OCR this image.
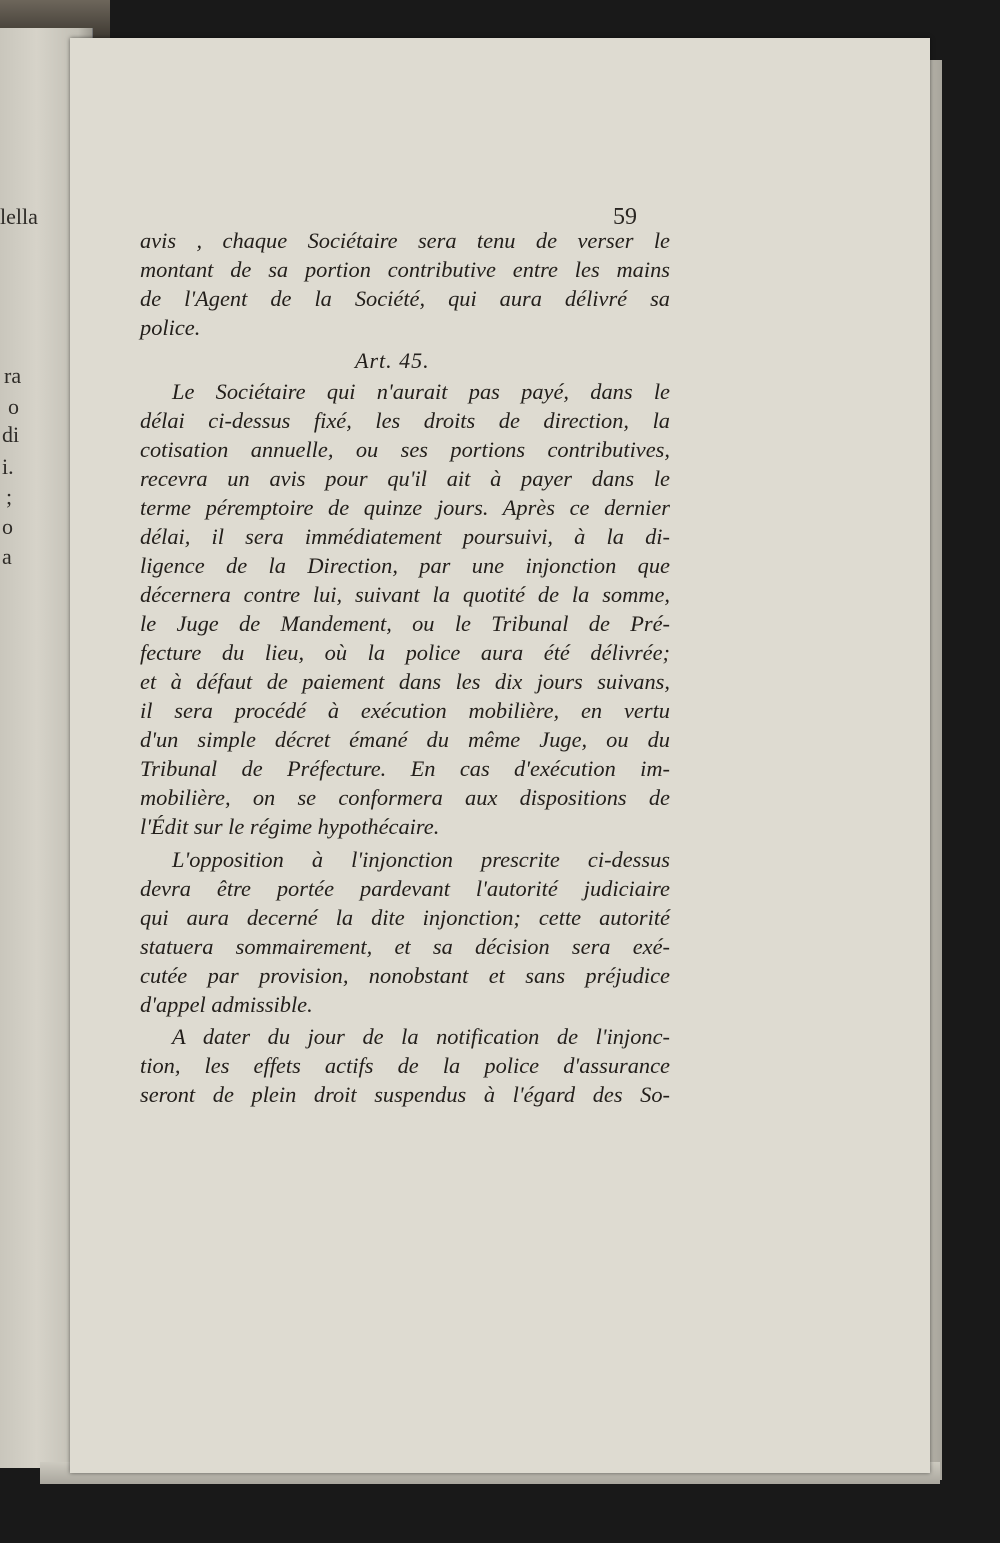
lella
ra
o
di
i.
;
o
a
59
avis , chaque Sociétaire sera tenu de verser le
montant de sa portion contributive entre les mains
de l'Agent de la Société, qui aura délivré sa
police.
Art. 45.
Le Sociétaire qui n'aurait pas payé, dans le
délai ci-dessus fixé, les droits de direction, la
cotisation annuelle, ou ses portions contributives,
recevra un avis pour qu'il ait à payer dans le
terme péremptoire de quinze jours. Après ce dernier
délai, il sera immédiatement poursuivi, à la di-
ligence de la Direction, par une injonction que
décernera contre lui, suivant la quotité de la somme,
le Juge de Mandement, ou le Tribunal de Pré-
fecture du lieu, où la police aura été délivrée;
et à défaut de paiement dans les dix jours suivans,
il sera procédé à exécution mobilière, en vertu
d'un simple décret émané du même Juge, ou du
Tribunal de Préfecture. En cas d'exécution im-
mobilière, on se conformera aux dispositions de
l'Édit sur le régime hypothécaire.
L'opposition à l'injonction prescrite ci-dessus
devra être portée pardevant l'autorité judiciaire
qui aura decerné la dite injonction; cette autorité
statuera sommairement, et sa décision sera exé-
cutée par provision, nonobstant et sans préjudice
d'appel admissible.
A dater du jour de la notification de l'injonc-
tion, les effets actifs de la police d'assurance
seront de plein droit suspendus à l'égard des So-
